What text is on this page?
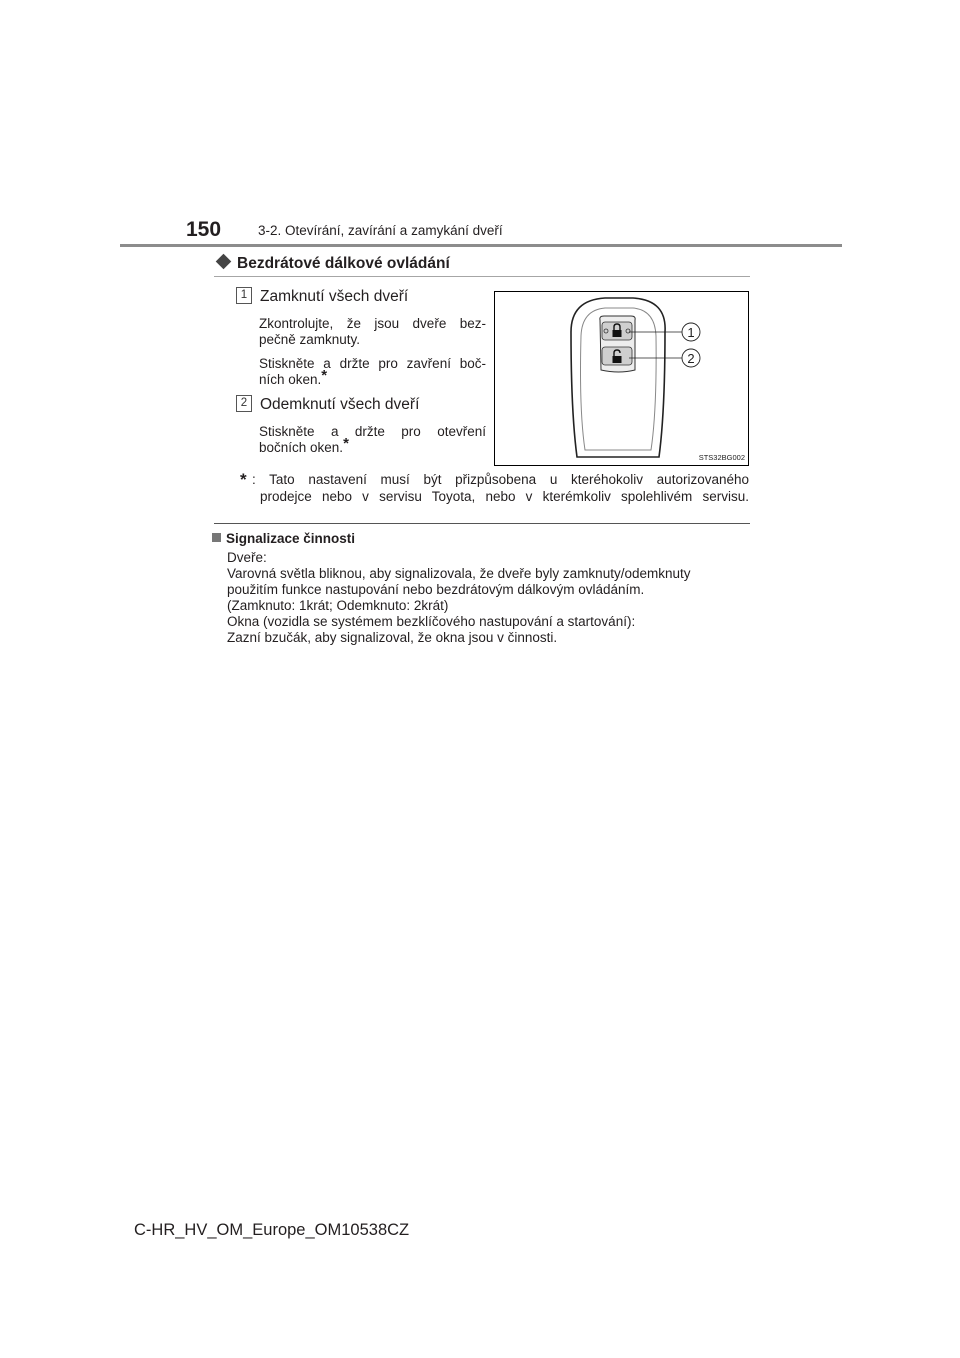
150	3-2. Otevírání, zavírání a zamykání dveří
Bezdrátové dálkové ovládání
1 Zamknutí všech dveří
Zkontrolujte, že jsou dveře bez-
pečně zamknuty.
Stiskněte a držte pro zavření boč-
ních oken.*
2 Odemknutí všech dveří
Stiskněte a držte pro otevření
bočních oken.*
1
2
STS32BG002
* : Tato nastavení musí být přizpůsobena u kteréhokoliv autorizovaného
prodejce nebo v servisu Toyota, nebo v kterémkoliv spolehlivém servisu.
Signalizace činnosti
Dveře:
Varovná světla bliknou, aby signalizovala, že dveře byly zamknuty/odemknuty
použitím funkce nastupování nebo bezdrátovým dálkovým ovládáním.
(Zamknuto: 1krát; Odemknuto: 2krát)
Okna (vozidla se systémem bezklíčového nastupování a startování):
Zazní bzučák, aby signalizoval, že okna jsou v činnosti.
C-HR_HV_OM_Europe_OM10538CZ
